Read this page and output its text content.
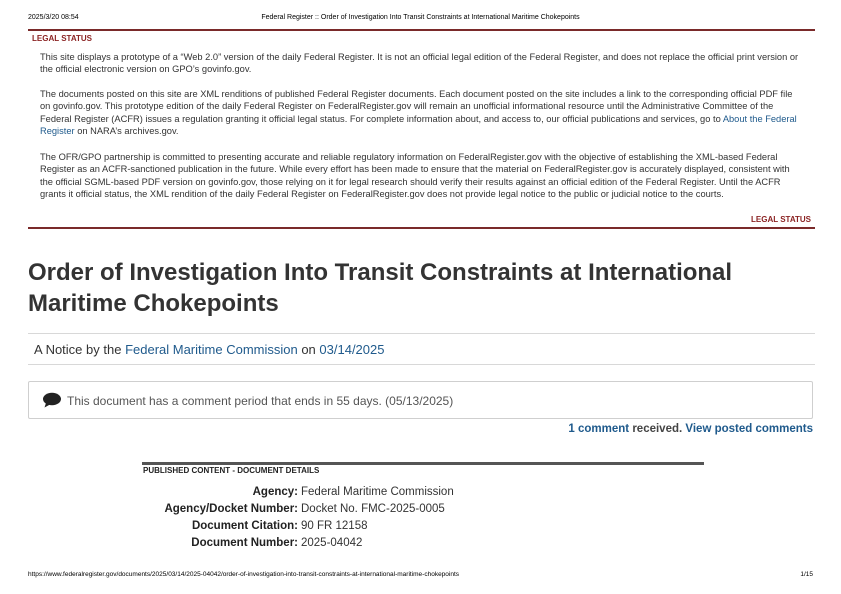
2025/3/20 08:54	Federal Register :: Order of Investigation Into Transit Constraints at International Maritime Chokepoints
LEGAL STATUS

This site displays a prototype of a “Web 2.0” version of the daily Federal Register. It is not an official legal edition of the Federal Register, and does not replace the official print version or the official electronic version on GPO’s govinfo.gov.

The documents posted on this site are XML renditions of published Federal Register documents. Each document posted on the site includes a link to the corresponding official PDF file on govinfo.gov. This prototype edition of the daily Federal Register on FederalRegister.gov will remain an unofficial informational resource until the Administrative Committee of the Federal Register (ACFR) issues a regulation granting it official legal status. For complete information about, and access to, our official publications and services, go to About the Federal Register on NARA’s archives.gov.

The OFR/GPO partnership is committed to presenting accurate and reliable regulatory information on FederalRegister.gov with the objective of establishing the XML-based Federal Register as an ACFR-sanctioned publication in the future. While every effort has been made to ensure that the material on FederalRegister.gov is accurately displayed, consistent with the official SGML-based PDF version on govinfo.gov, those relying on it for legal research should verify their results against an official edition of the Federal Register. Until the ACFR grants it official status, the XML rendition of the daily Federal Register on FederalRegister.gov does not provide legal notice to the public or judicial notice to the courts.

LEGAL STATUS
Order of Investigation Into Transit Constraints at International Maritime Chokepoints
A Notice by the Federal Maritime Commission on 03/14/2025
This document has a comment period that ends in 55 days. (05/13/2025)
1 comment received. View posted comments
PUBLISHED CONTENT - DOCUMENT DETAILS
Agency: Federal Maritime Commission
Agency/Docket Number: Docket No. FMC-2025-0005
Document Citation: 90 FR 12158
Document Number: 2025-04042
https://www.federalregister.gov/documents/2025/03/14/2025-04042/order-of-investigation-into-transit-constraints-at-international-maritime-chokepoints	1/15
